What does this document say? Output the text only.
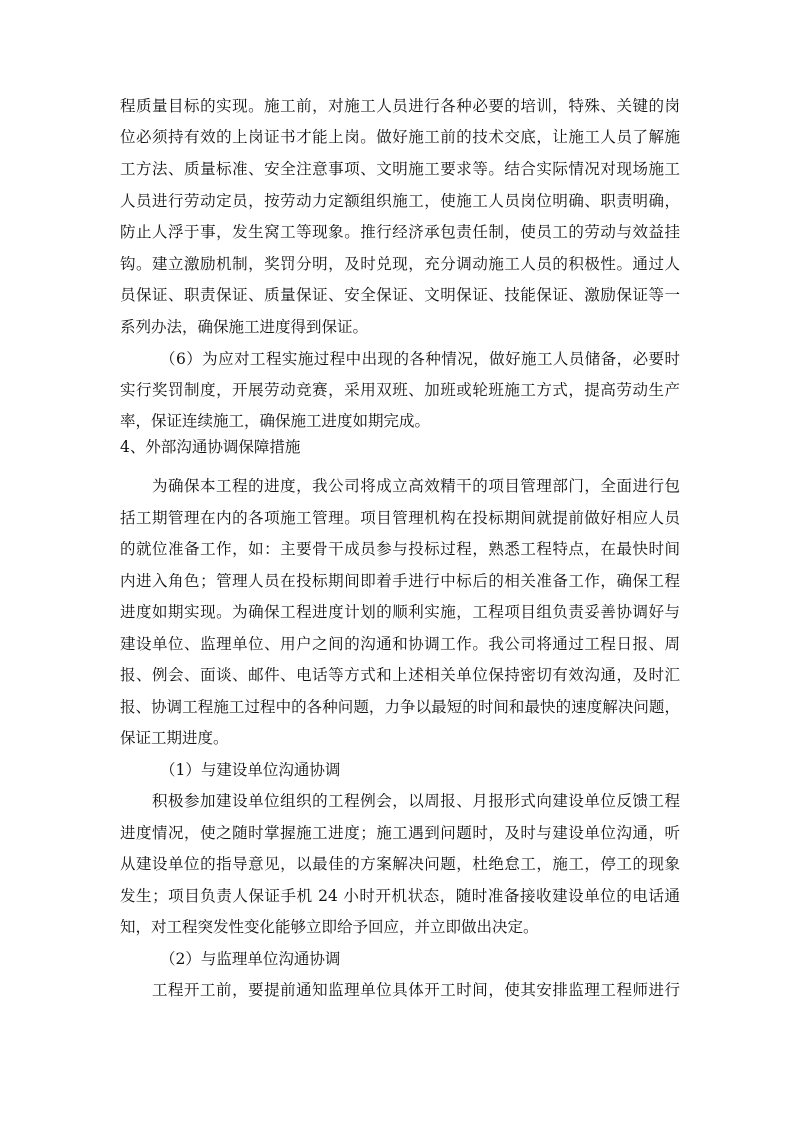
程质量目标的实现。施工前，对施工人员进行各种必要的培训，特殊、关键的岗
位必须持有效的上岗证书才能上岗。做好施工前的技术交底，让施工人员了解施
工方法、质量标准、安全注意事项、文明施工要求等。结合实际情况对现场施工
人员进行劳动定员，按劳动力定额组织施工，使施工人员岗位明确、职责明确，
防止人浮于事，发生窝工等现象。推行经济承包责任制，使员工的劳动与效益挂
钩。建立激励机制，奖罚分明，及时兑现，充分调动施工人员的积极性。通过人
员保证、职责保证、质量保证、安全保证、文明保证、技能保证、激励保证等一
系列办法，确保施工进度得到保证。
（6）为应对工程实施过程中出现的各种情况，做好施工人员储备，必要时
实行奖罚制度，开展劳动竞赛，采用双班、加班或轮班施工方式，提高劳动生产
率，保证连续施工，确保施工进度如期完成。
4、外部沟通协调保障措施
为确保本工程的进度，我公司将成立高效精干的项目管理部门，全面进行包
括工期管理在内的各项施工管理。项目管理机构在投标期间就提前做好相应人员
的就位准备工作，如：主要骨干成员参与投标过程，熟悉工程特点，在最快时间
内进入角色；管理人员在投标期间即着手进行中标后的相关准备工作，确保工程
进度如期实现。为确保工程进度计划的顺利实施，工程项目组负责妥善协调好与
建设单位、监理单位、用户之间的沟通和协调工作。我公司将通过工程日报、周
报、例会、面谈、邮件、电话等方式和上述相关单位保持密切有效沟通，及时汇
报、协调工程施工过程中的各种问题，力争以最短的时间和最快的速度解决问题，
保证工期进度。
（1）与建设单位沟通协调
积极参加建设单位组织的工程例会，以周报、月报形式向建设单位反馈工程
进度情况，使之随时掌握施工进度；施工遇到问题时，及时与建设单位沟通，听
从建设单位的指导意见，以最佳的方案解决问题，杜绝怠工，施工，停工的现象
发生；项目负责人保证手机 24 小时开机状态，随时准备接收建设单位的电话通
知，对工程突发性变化能够立即给予回应，并立即做出决定。
（2）与监理单位沟通协调
工程开工前，要提前通知监理单位具体开工时间，使其安排监理工程师进行
